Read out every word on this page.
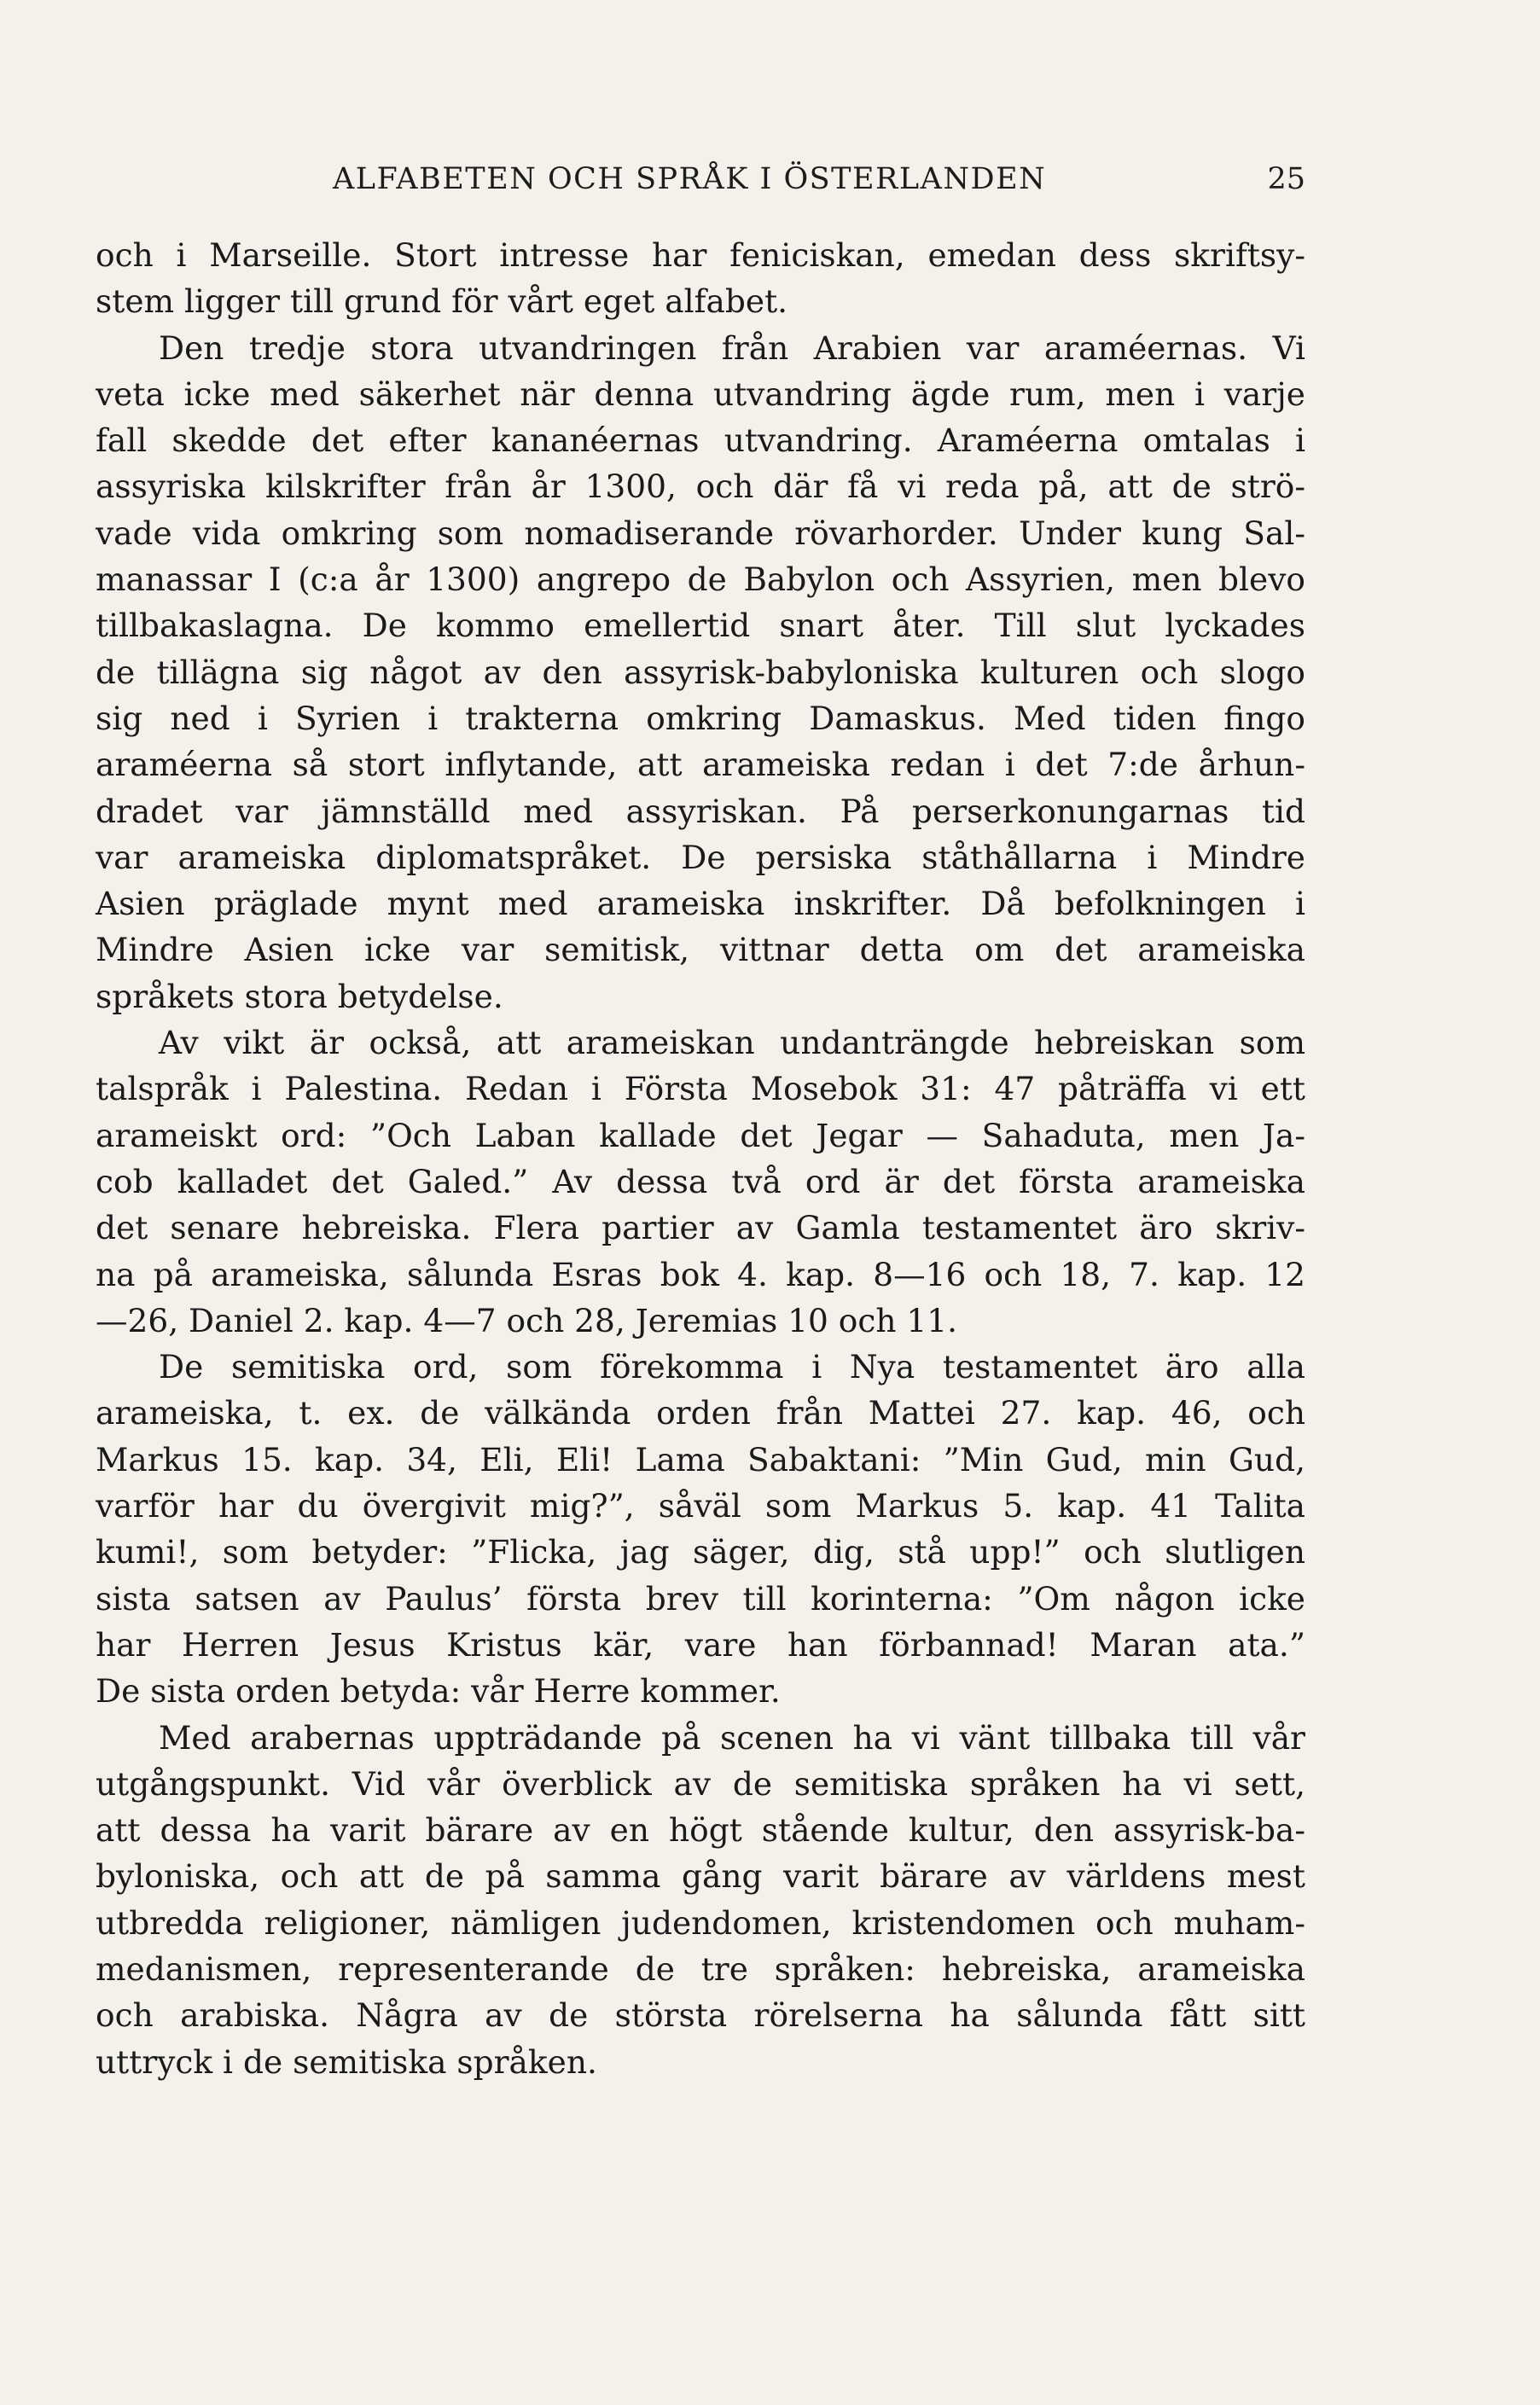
ALFABETEN OCH SPRÅK I ÖSTERLANDEN	25

och i Marseille. Stort intresse har feniciskan, emedan dess skriftsy-
stem ligger till grund för vårt eget alfabet.

Den tredje stora utvandringen från Arabien var araméernas. Vi
veta icke med säkerhet när denna utvandring ägde rum, men i varje
fall skedde det efter kananéernas utvandring. Araméerna omtalas i
assyriska kilskrifter från år 1300, och där få vi reda på, att de strö-
vade vida omkring som nomadiserande rövarhorder. Under kung Sal-
manassar I (c:a år 1300) angrepo de Babylon och Assyrien, men blevo
tillbakaslagna. De kommo emellertid snart åter. Till slut lyckades
de tillägna sig något av den assyrisk-babyloniska kulturen och slogo
sig ned i Syrien i trakterna omkring Damaskus. Med tiden fingo
araméerna så stort inflytande, att arameiska redan i det 7:de århun-
dradet var jämnställd med assyriskan. På perserkonungarnas tid
var arameiska diplomatspråket. De persiska ståthållarna i Mindre
Asien präglade mynt med arameiska inskrifter. Då befolkningen i
Mindre Asien icke var semitisk, vittnar detta om det arameiska
språkets stora betydelse.

Av vikt är också, att arameiskan undanträngde hebreiskan som
talspråk i Palestina. Redan i Första Mosebok 31: 47 påträffa vi ett
arameiskt ord: ”Och Laban kallade det Jegar — Sahaduta, men Ja-
cob kalladet det Galed.” Av dessa två ord är det första arameiska
det senare hebreiska. Flera partier av Gamla testamentet äro skriv-
na på arameiska, sålunda Esras bok 4. kap. 8—16 och 18, 7. kap. 12
—26, Daniel 2. kap. 4—7 och 28, Jeremias 10 och 11.

De semitiska ord, som förekomma i Nya testamentet äro alla
arameiska, t. ex. de välkända orden från Mattei 27. kap. 46, och
Markus 15. kap. 34, Eli, Eli! Lama Sabaktani: ”Min Gud, min Gud,
varför har du övergivit mig?”, såväl som Markus 5. kap. 41 Talita
kumi!, som betyder: ”Flicka, jag säger, dig, stå upp!” och slutligen
sista satsen av Paulus’ första brev till korinterna: ”Om någon icke
har Herren Jesus Kristus kär, vare han förbannad! Maran ata.”
De sista orden betyda: vår Herre kommer.

Med arabernas uppträdande på scenen ha vi vänt tillbaka till vår
utgångspunkt. Vid vår överblick av de semitiska språken ha vi sett,
att dessa ha varit bärare av en högt stående kultur, den assyrisk-ba-
byloniska, och att de på samma gång varit bärare av världens mest
utbredda religioner, nämligen judendomen, kristendomen och muham-
medanismen, representerande de tre språken: hebreiska, arameiska
och arabiska. Några av de största rörelserna ha sålunda fått sitt
uttryck i de semitiska språken.
